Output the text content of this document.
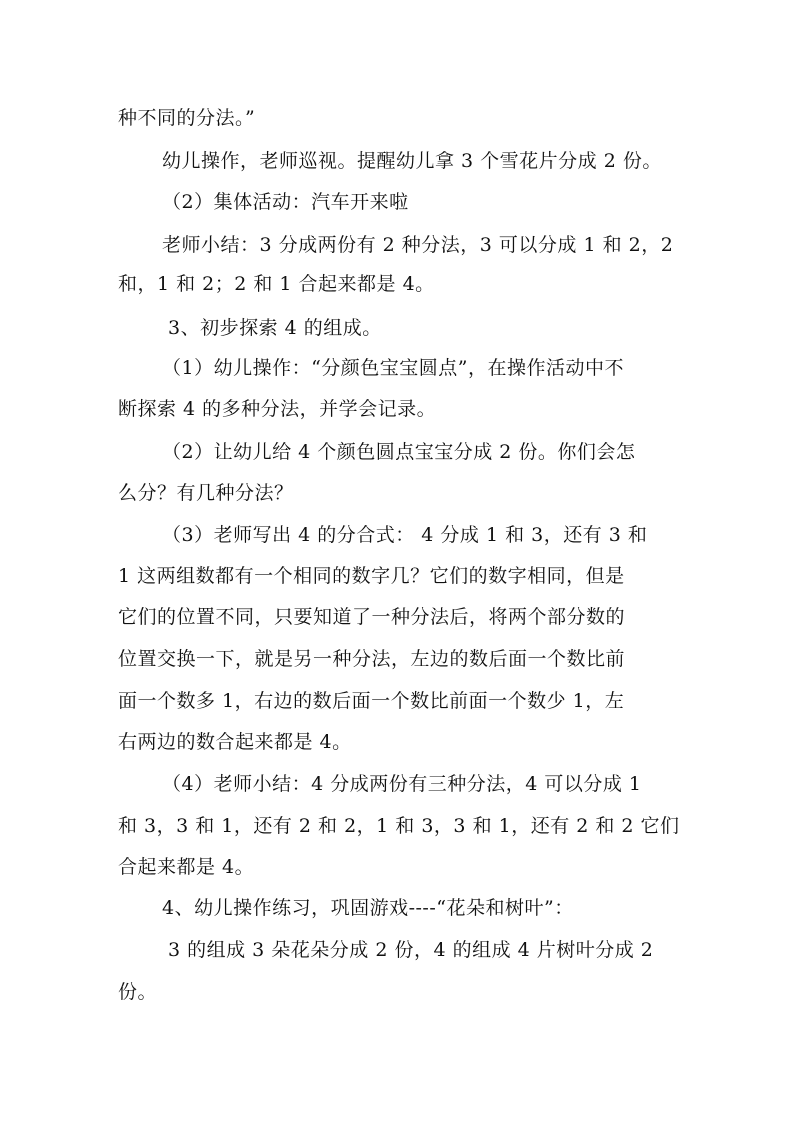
种不同的分法。”
幼儿操作，老师巡视。提醒幼儿拿 3 个雪花片分成 2 份。
（2）集体活动：汽车开来啦
老师小结：3 分成两份有 2 种分法，3 可以分成 1 和 2，2
和，1 和 2；2 和 1 合起来都是 4。
3、初步探索 4 的组成。
（1）幼儿操作：“分颜色宝宝圆点”，在操作活动中不
断探索 4 的多种分法，并学会记录。
（2）让幼儿给 4 个颜色圆点宝宝分成 2 份。你们会怎
么分？有几种分法？
（3）老师写出 4 的分合式： 4 分成 1 和 3，还有 3 和
1 这两组数都有一个相同的数字几？它们的数字相同，但是
它们的位置不同，只要知道了一种分法后，将两个部分数的
位置交换一下，就是另一种分法，左边的数后面一个数比前
面一个数多 1，右边的数后面一个数比前面一个数少 1，左
右两边的数合起来都是 4。
（4）老师小结：4 分成两份有三种分法，4 可以分成 1
和 3，3 和 1，还有 2 和 2，1 和 3，3 和 1，还有 2 和 2 它们
合起来都是 4。
4、幼儿操作练习，巩固游戏----“花朵和树叶”：
3 的组成 3 朵花朵分成 2 份，4 的组成 4 片树叶分成 2
份。
